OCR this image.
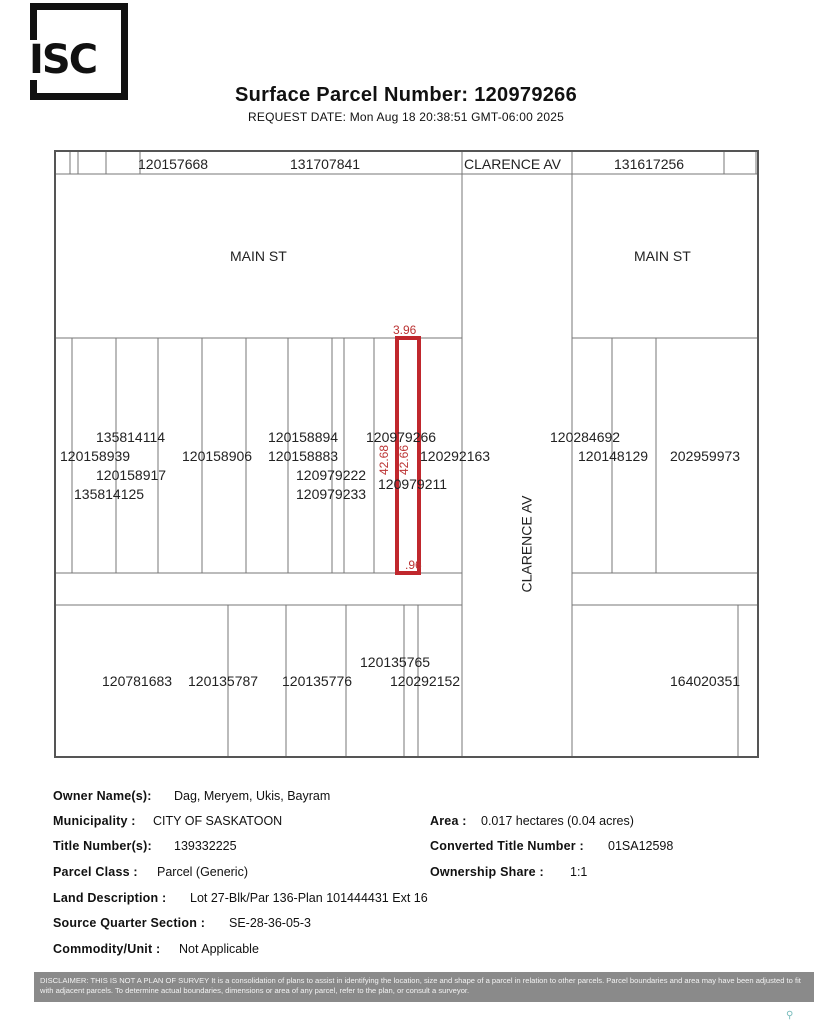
ISC
Surface Parcel Number: 120979266
REQUEST DATE: Mon Aug 18 20:38:51 GMT-06:00 2025
120157668	131707841	CLARENCE AV	131617256
MAIN ST	MAIN ST
CLARENCE AV
3.96
42.68 42.66
.96
135814114
120158939
120158917
135814125
120158906
120158894
120158883
120979222
120979233
120979266
120292163
120979211
120284692
120148129 202959973
120781683 120135787 120135776
120135765
120292152	164020351
Owner Name(s): Dag, Meryem, Ukis, Bayram
Municipality : CITY OF SASKATOON	Area : 0.017 hectares (0.04 acres)
Title Number(s): 139332225	Converted Title Number : 01SA12598
Parcel Class : Parcel (Generic)	Ownership Share : 1:1
Land Description : Lot 27-Blk/Par 136-Plan 101444431 Ext 16
Source Quarter Section : SE-28-36-05-3
Commodity/Unit : Not Applicable
DISCLAIMER: THIS IS NOT A PLAN OF SURVEY It is a consolidation of plans to assist in identifying the location, size and shape of a parcel in relation to other parcels. Parcel boundaries and area may have been adjusted to fit with adjacent parcels. To determine actual boundaries, dimensions or area of any parcel, refer to the plan, or consult a surveyor.
⚲
